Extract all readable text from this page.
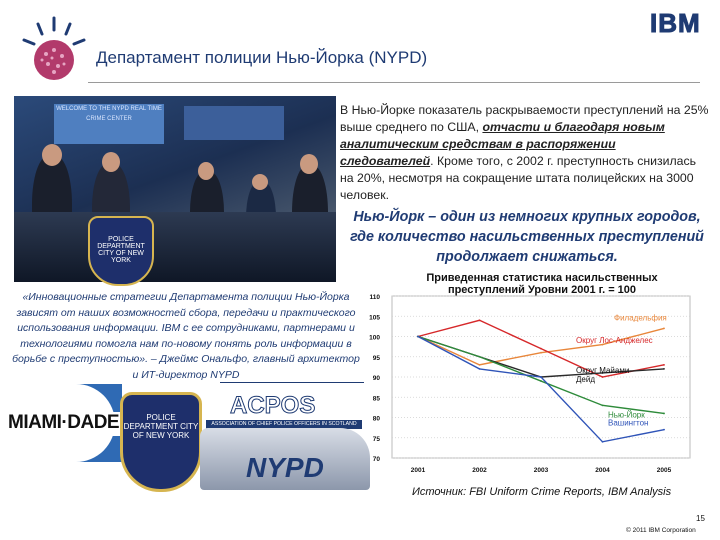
Департамент полиции Нью-Йорка (NYPD)
IBM
WELCOME TO THE NYPD REAL TIME CRIME CENTER
POLICE DEPARTMENT CITY OF NEW YORK
В Нью-Йорке показатель раскрываемости преступлений на 25% выше среднего по США, отчасти и благодаря новым аналитическим средствам в распоряжении следователей. Кроме того, с 2002 г. преступность снизилась на 20%, несмотря на сокращение штата полицейских на 3000 человек.
Нью-Йорк – один из немногих крупных городов, где количество насильственных преступлений продолжает снижаться.
«Инновационные стратегии Департамента полиции Нью-Йорка зависят от наших возможностей сбора, передачи и практического использования информации. IBM с ее сотрудниками, партнерами и технологиями помогла нам по-новому понять роль информации в борьбе с преступностью». – Джеймс Ональфо, главный архитектор и ИТ-директор NYPD
Приведенная статистика насильственных преступлений Уровни 2001 г. = 100
70
75
80
85
90
95
100
105
110
2001	2002	2003	2004	2005
Филадельфия
Округ Лос-Анджелес
Округ Майами-Дейд
Нью-Йорк
Вашингтон
Источник: FBI Uniform Crime Reports, IBM Analysis
MIAMI·DADE	POLICE DEPARTMENT CITY OF NEW YORK
ACPOS
ASSOCIATION OF CHIEF POLICE OFFICERS IN SCOTLAND
NYPD
15
© 2011 IBM Corporation
